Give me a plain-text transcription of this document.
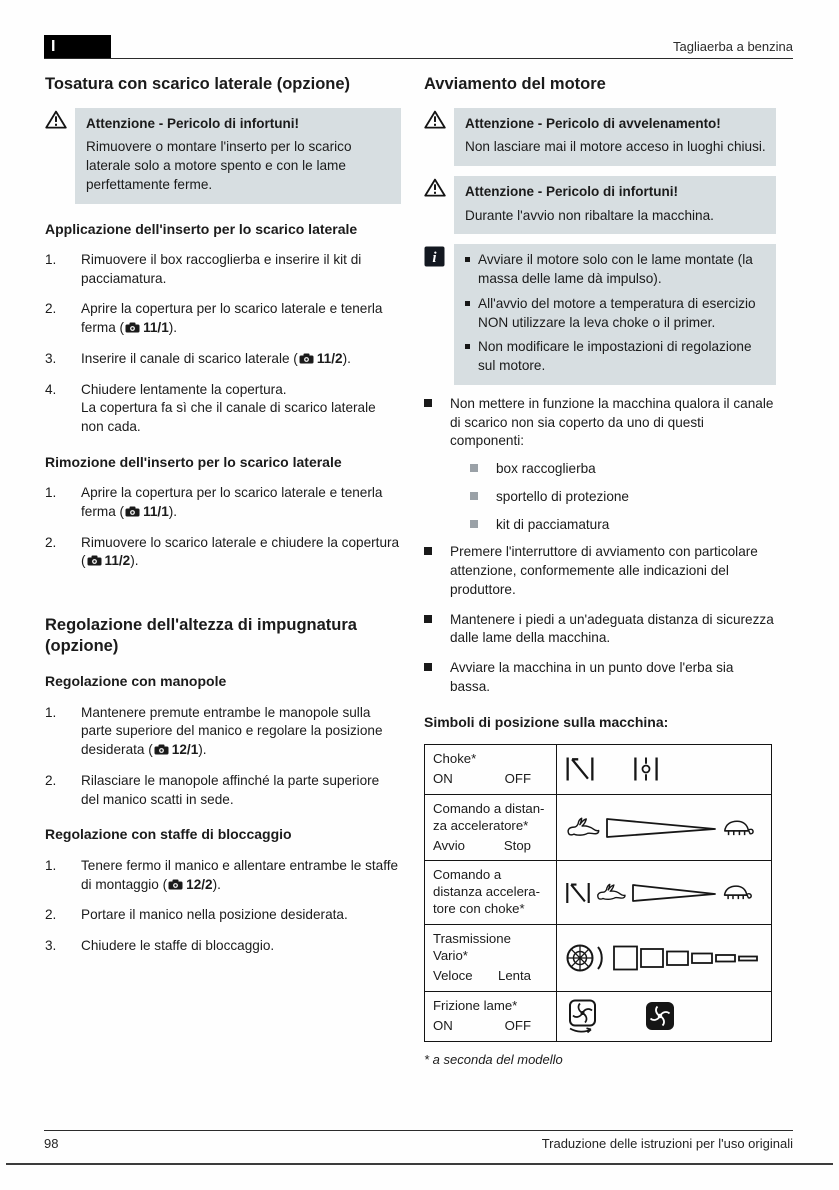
I	Tagliaerba a benzina
Tosatura con scarico laterale (opzione)
Attenzione - Pericolo di infortuni!
Rimuovere o montare l'inserto per lo scarico laterale solo a motore spento e con le lame perfettamente ferme.
Applicazione dell'inserto per lo scarico laterale
1.	Rimuovere il box raccoglierba e inserire il kit di pacciamatura.
2.	Aprire la copertura per lo scarico laterale e tenerla ferma ( 11/1).
3.	Inserire il canale di scarico laterale ( 11/2).
4.	Chiudere lentamente la copertura.
La copertura fa sì che il canale di scarico laterale non cada.
Rimozione dell'inserto per lo scarico laterale
1.	Aprire la copertura per lo scarico laterale e tenerla ferma ( 11/1).
2.	Rimuovere lo scarico laterale e chiudere la copertura ( 11/2).
Regolazione dell'altezza di impugnatura (opzione)
Regolazione con manopole
1.	Mantenere premute entrambe le manopole sulla parte superiore del manico e regolare la posizione desiderata ( 12/1).
2.	Rilasciare le manopole affinché la parte superiore del manico scatti in sede.
Regolazione con staffe di bloccaggio
1.	Tenere fermo il manico e allentare entrambe le staffe di montaggio ( 12/2).
2.	Portare il manico nella posizione desiderata.
3.	Chiudere le staffe di bloccaggio.
Avviamento del motore
Attenzione - Pericolo di avvelenamento!
Non lasciare mai il motore acceso in luoghi chiusi.
Attenzione - Pericolo di infortuni!
Durante l'avvio non ribaltare la macchina.
i	Avviare il motore solo con le lame montate (la massa delle lame dà impulso).
All'avvio del motore a temperatura di esercizio NON utilizzare la leva choke o il primer.
Non modificare le impostazioni di regolazione sul motore.
Non mettere in funzione la macchina qualora il canale di scarico non sia coperto da uno di questi componenti:
box raccoglierba
sportello di protezione
kit di pacciamatura
Premere l'interruttore di avviamento con particolare attenzione, conformemente alle indicazioni del produttore.
Mantenere i piedi a un'adeguata distanza di sicurezza dalle lame della macchina.
Avviare la macchina in un punto dove l'erba sia bassa.
Simboli di posizione sulla macchina:
Choke*
ON OFF

Comando a distan-
za acceleratore*
Avvio Stop

Comando a
distanza accelera-
tore con choke*

Trasmissione
Vario*
Veloce Lenta

Frizione lame*
ON OFF

* a seconda del modello
98	Traduzione delle istruzioni per l'uso originali
